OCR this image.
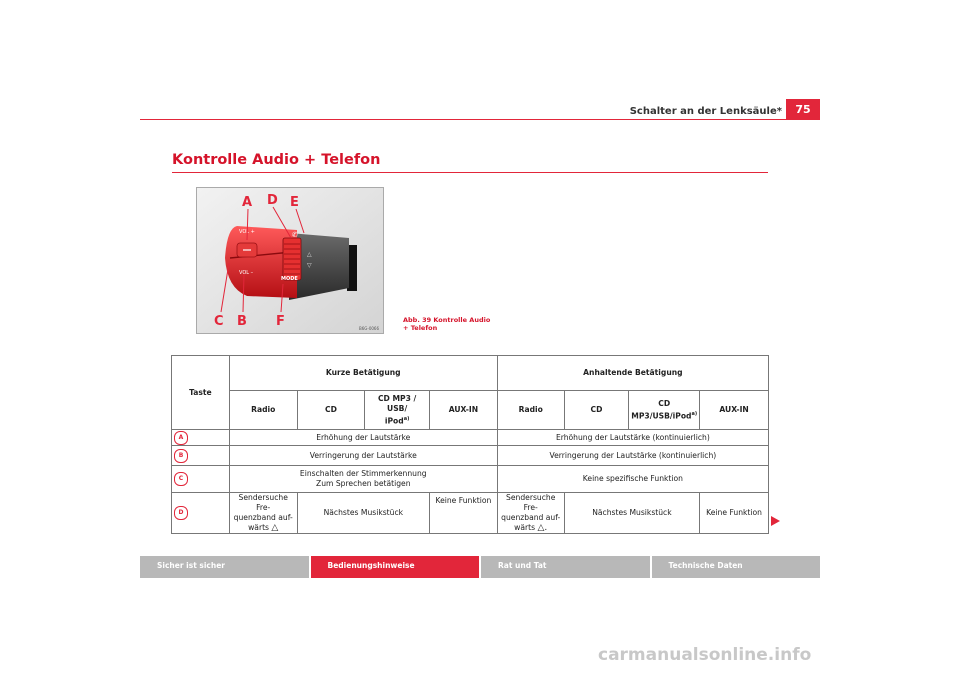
Schalter an der Lenksäule*	75
Kontrolle Audio + Telefon
VOL +
VOL –
MODE
△
▽
✆
A D E
C B F	B6G-0066
Abb. 39 Kontrolle Audio
+ Telefon
Taste	Kurze Betätigung				Anhaltende Betätigung			
	Radio	CD	CD MP3 / USB/
iPod$^{a)}$	AUX-IN	Radio	CD	CD
MP3/USB/iPod$^{a)}$	AUX-IN
A	Erhöhung der Lautstärke				Erhöhung der Lautstärke (kontinuierlich)			
B	Verringerung der Lautstärke				Verringerung der Lautstärke (kontinuierlich)			
C	Einschalten der Stimmerkennung
Zum Sprechen betätigen				Keine spezifische Funktion			
D	Sendersuche Fre-
quenzband auf-
wärts △	Nächstes Musikstück		Keine Funktion	Sendersuche Fre-
quenzband auf-
wärts △.	Nächstes Musikstück		Keine Funktion
Sicher ist sicher	Bedienungshinweise	Rat und Tat	Technische Daten
carmanualsonline.info
